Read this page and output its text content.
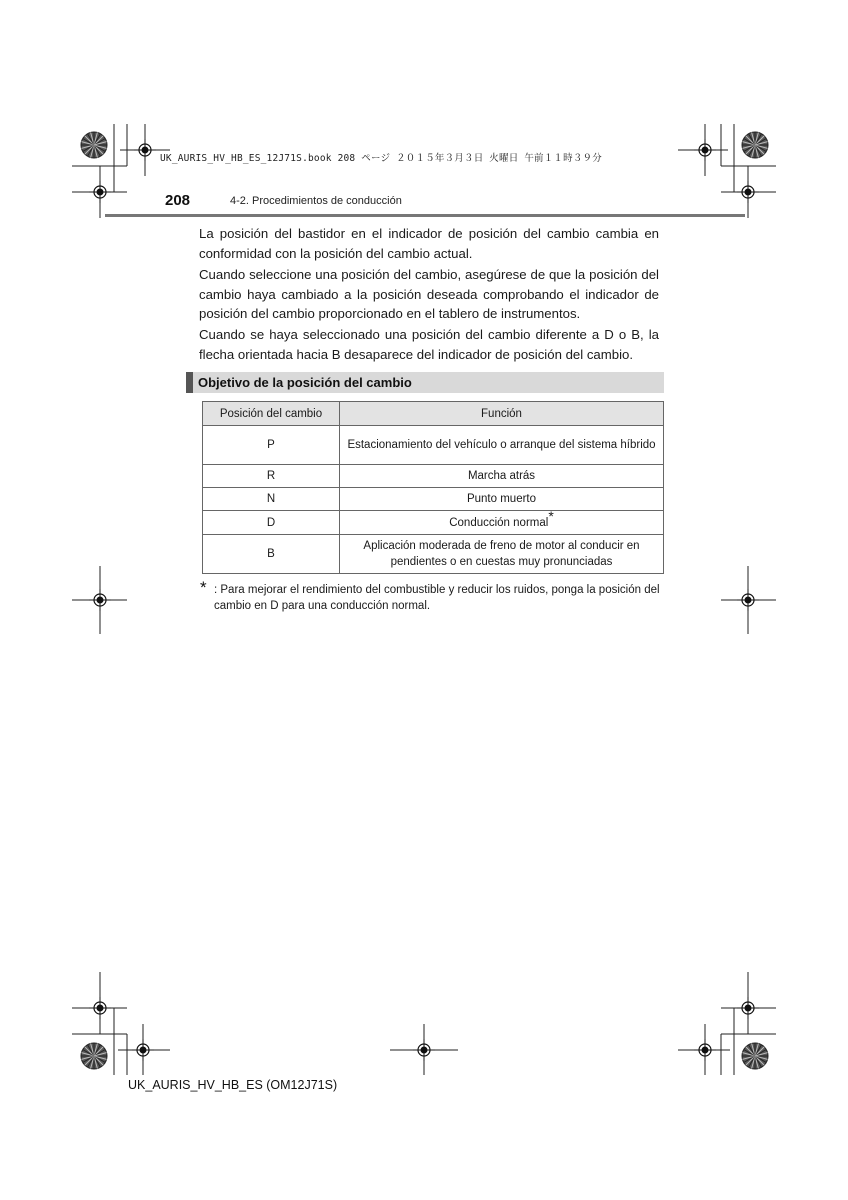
UK_AURIS_HV_HB_ES_12J71S.book 208 ページ ２０１５年３月３日 火曜日 午前１１時３９分
208	4-2. Procedimientos de conducción
La posición del bastidor en el indicador de posición del cambio cambia en conformidad con la posición del cambio actual.
Cuando seleccione una posición del cambio, asegúrese de que la posición del cambio haya cambiado a la posición deseada comprobando el indicador de posición del cambio proporcionado en el tablero de instrumentos.
Cuando se haya seleccionado una posición del cambio diferente a D o B, la flecha orientada hacia B desaparece del indicador de posición del cambio.
Objetivo de la posición del cambio
Posición del cambio	Función
P	Estacionamiento del vehículo o arranque del sistema híbrido
R	Marcha atrás
N	Punto muerto
D	Conducción normal*
B	Aplicación moderada de freno de motor al conducir en pendientes o en cuestas muy pronunciadas
* : Para mejorar el rendimiento del combustible y reducir los ruidos, ponga la posición del cambio en D para una conducción normal.
UK_AURIS_HV_HB_ES (OM12J71S)
